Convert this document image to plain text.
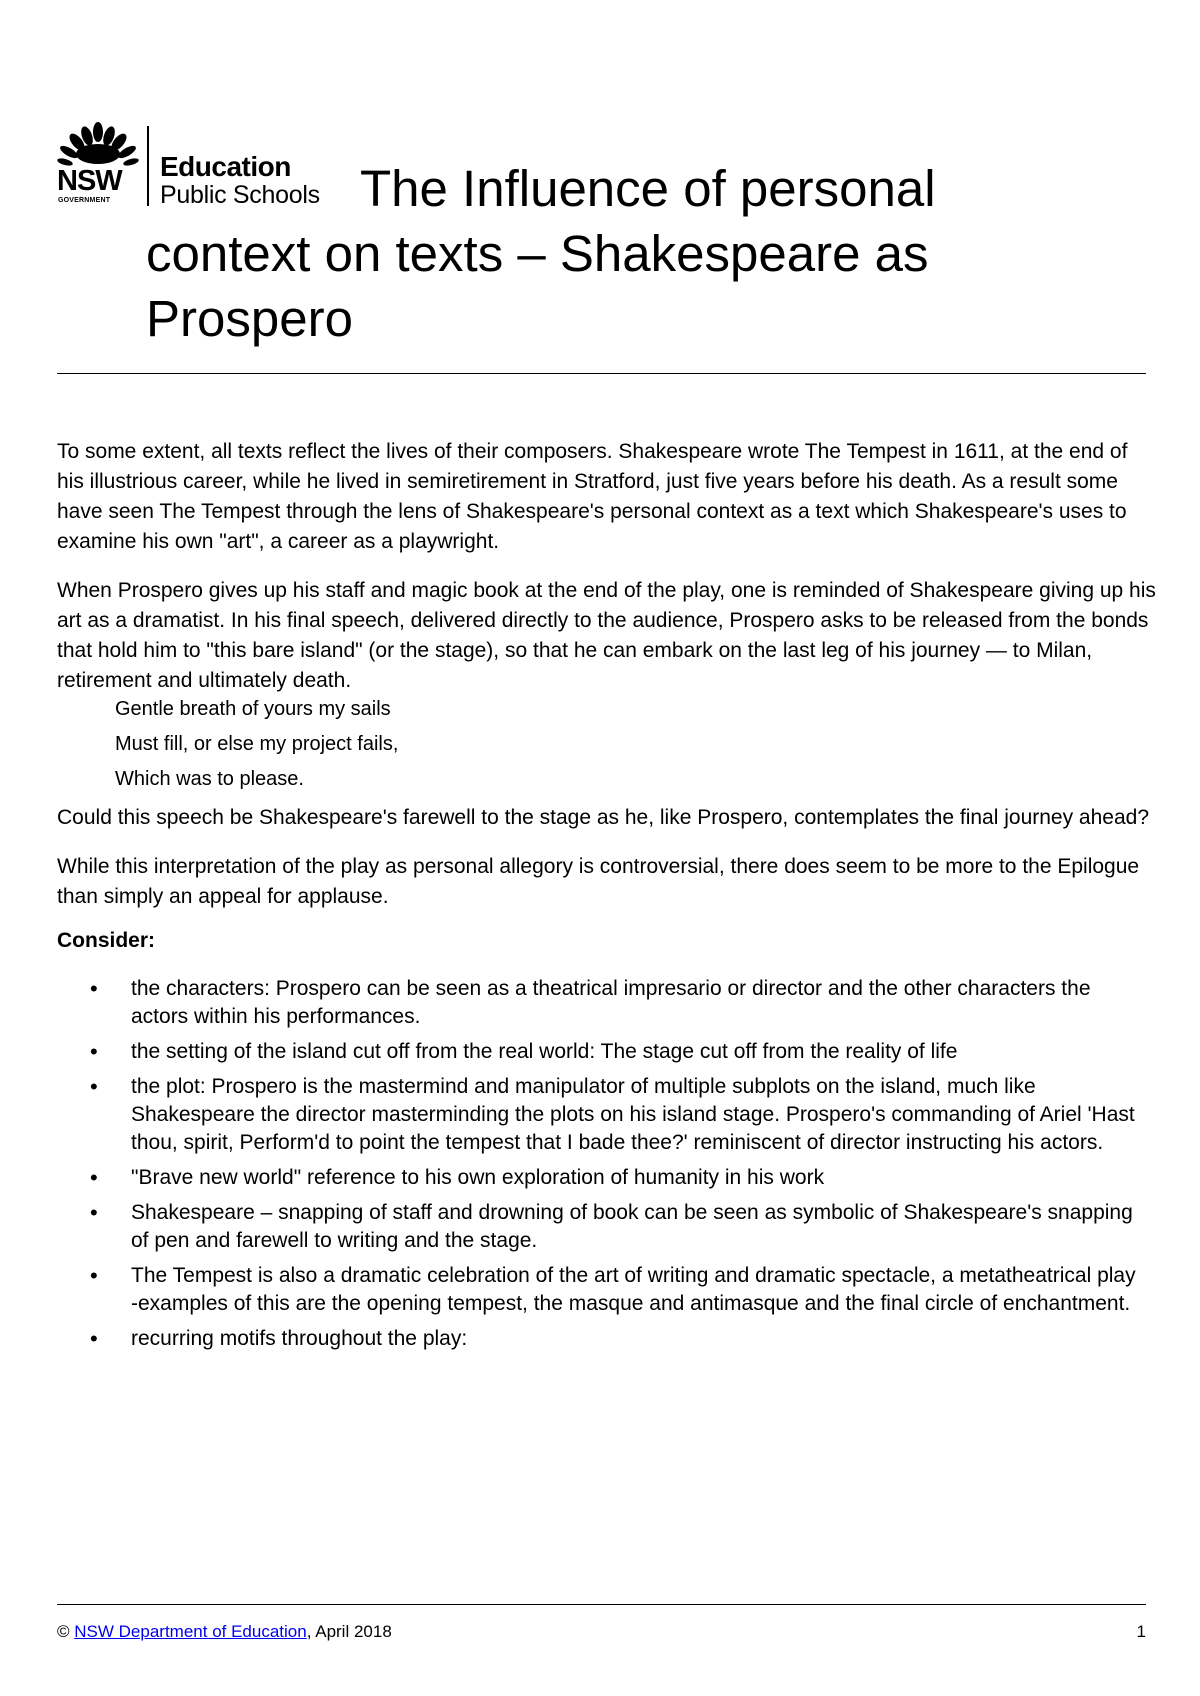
NSW
GOVERNMENT
Education
Public Schools The Influence of personal
context on texts – Shakespeare as
Prospero

To some extent, all texts reflect the lives of their composers. Shakespeare wrote The Tempest in 1611, at the end of his illustrious career, while he lived in semiretirement in Stratford, just five years before his death. As a result some have seen The Tempest through the lens of Shakespeare's personal context as a text which Shakespeare's uses to examine his own "art", a career as a playwright.

When Prospero gives up his staff and magic book at the end of the play, one is reminded of Shakespeare giving up his art as a dramatist. In his final speech, delivered directly to the audience, Prospero asks to be released from the bonds that hold him to "this bare island" (or the stage), so that he can embark on the last leg of his journey — to Milan, retirement and ultimately death.

Gentle breath of yours my sails
Must fill, or else my project fails,
Which was to please.

Could this speech be Shakespeare's farewell to the stage as he, like Prospero, contemplates the final journey ahead?

While this interpretation of the play as personal allegory is controversial, there does seem to be more to the Epilogue than simply an appeal for applause.

Consider:

• the characters: Prospero can be seen as a theatrical impresario or director and the other characters the actors within his performances.
• the setting of the island cut off from the real world: The stage cut off from the reality of life
• the plot: Prospero is the mastermind and manipulator of multiple subplots on the island, much like Shakespeare the director masterminding the plots on his island stage. Prospero's commanding of Ariel 'Hast thou, spirit, Perform'd to point the tempest that I bade thee?' reminiscent of director instructing his actors.
• "Brave new world" reference to his own exploration of humanity in his work
• Shakespeare – snapping of staff and drowning of book can be seen as symbolic of Shakespeare's snapping of pen and farewell to writing and the stage.
• The Tempest is also a dramatic celebration of the art of writing and dramatic spectacle, a metatheatrical play -examples of this are the opening tempest, the masque and antimasque and the final circle of enchantment.
• recurring motifs throughout the play:
© NSW Department of Education, April 2018	1
